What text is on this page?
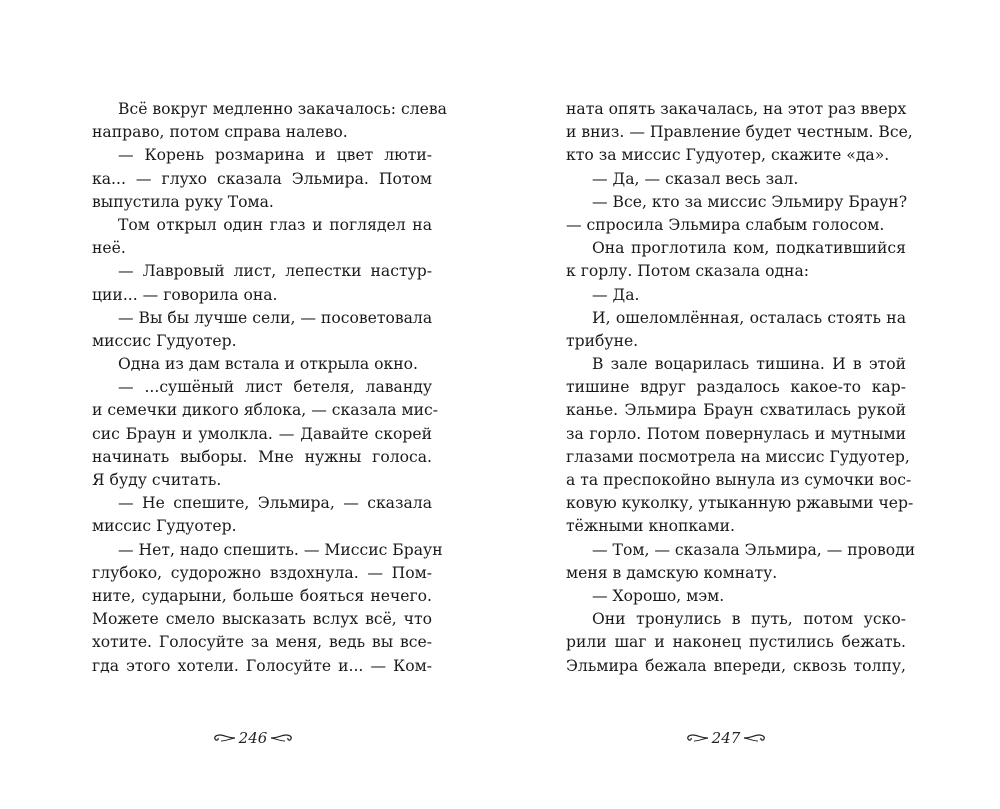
Всё вокруг медленно закачалось: слева
направо, потом справа налево.
— Корень розмарина и цвет люти-
ка... — глухо сказала Эльмира. Потом
выпустила руку Тома.
Том открыл один глаз и поглядел на
неё.
— Лавровый лист, лепестки настур-
ции... — говорила она.
— Вы бы лучше сели, — посоветовала
миссис Гудуотер.
Одна из дам встала и открыла окно.
— ...сушёный лист бетеля, лаванду
и семечки дикого яблока, — сказала мис-
сис Браун и умолкла. — Давайте скорей
начинать выборы. Мне нужны голоса.
Я буду считать.
— Не спешите, Эльмира, — сказала
миссис Гудуотер.
— Нет, надо спешить. — Миссис Браун
глубоко, судорожно вздохнула. — Пом-
ните, сударыни, больше бояться нечего.
Можете смело высказать вслух всё, что
хотите. Голосуйте за меня, ведь вы все-
гда этого хотели. Голосуйте и... — Ком-
ната опять закачалась, на этот раз вверх
и вниз. — Правление будет честным. Все,
кто за миссис Гудуотер, скажите «да».
— Да, — сказал весь зал.
— Все, кто за миссис Эльмиру Браун?
— спросила Эльмира слабым голосом.
Она проглотила ком, подкатившийся
к горлу. Потом сказала одна:
— Да.
И, ошеломлённая, осталась стоять на
трибуне.
В зале воцарилась тишина. И в этой
тишине вдруг раздалось какое-то кар-
канье. Эльмира Браун схватилась рукой
за горло. Потом повернулась и мутными
глазами посмотрела на миссис Гудуотер,
а та преспокойно вынула из сумочки вос-
ковую куколку, утыканную ржавыми чер-
тёжными кнопками.
— Том, — сказала Эльмира, — проводи
меня в дамскую комнату.
— Хорошо, мэм.
Они тронулись в путь, потом уско-
рили шаг и наконец пустились бежать.
Эльмира бежала впереди, сквозь толпу,
246	247
